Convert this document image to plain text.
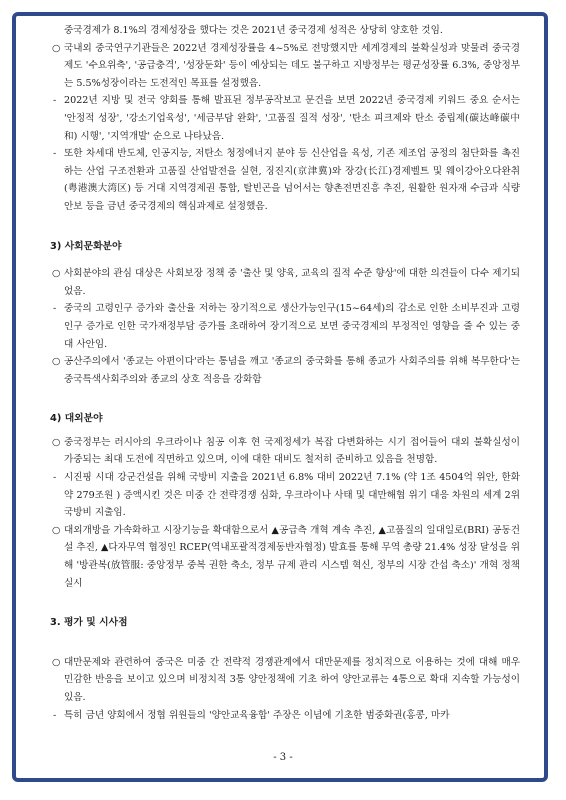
중국경제가 8.1%의 경제성장을 했다는 것은 2021년 중국경제 성적은 상당히 양호한 것임.

○ 국내외 중국연구기관들은 2022년 경제성장률을 4~5%로 전망했지만 세계경제의 불확실성과 맞물려 중국경제도 '수요위축', '공급충격', '성장둔화' 등이 예상되는 데도 불구하고 지방정부는 평균성장률 6.3%, 중앙정부는 5.5%성장이라는 도전적인 목표를 설정했음.
- 2022년 지방 및 전국 양회를 통해 발표된 정부공작보고 문건을 보면 2022년 중국경제 키워드 중요 순서는 '안정적 성장', '강소기업육성', '세금부담 완화', '고품질 질적 성장', '탄소 피크제와 탄소 중립제(碳达峰碳中和) 시행', '지역개발' 순으로 나타났음.
- 또한 차세대 반도체, 인공지능, 저탄소 청정에너지 분야 등 신산업을 육성, 기존 제조업 공정의 첨단화를 촉진하는 산업 구조전환과 고품질 산업발전을 실현, 징진지(京津冀)와 장강(长江)경제벨트 및 웨이강아오다완취(粤港澳大湾区) 등 거대 지역경제권 통합, 탈빈곤을 넘어서는 향촌전면진흥 추진, 원활한 원자재 수급과 식량안보 등을 금년 중국경제의 핵심과제로 설정했음.

3) 사회문화분야

○ 사회분야의 관심 대상은 사회보장 정책 중 '출산 및 양육, 교육의 질적 수준 향상'에 대한 의견들이 다수 제기되었음.
- 중국의 고령인구 증가와 출산율 저하는 장기적으로 생산가능인구(15~64세)의 감소로 인한 소비부진과 고령인구 증가로 인한 국가재정부담 증가를 초래하여 장기적으로 보면 중국경제의 부정적인 영향을 줄 수 있는 중대 사안임.
○ 공산주의에서 '종교는 아편이다'라는 통념을 깨고 '종교의 중국화를 통해 종교가 사회주의를 위해 복무한다'는 중국특색사회주의와 종교의 상호 적응을 강화함

4) 대외분야

○ 중국정부는 러시아의 우크라이나 침공 이후 현 국제정세가 복잡 다변화하는 시기 접어들어 대외 불확실성이 가중되는 최대 도전에 직면하고 있으며, 이에 대한 대비도 철저히 준비하고 있음을 천명함.
- 시진핑 시대 강군건설을 위해 국방비 지출을 2021년 6.8% 대비 2022년 7.1% (약 1조 4504억 위안, 한화 약 279조원 ) 증액시킨 것은 미중 간 전략경쟁 심화, 우크라이나 사태 및 대만해협 위기 대응 차원의 세계 2위 국방비 지출임.
○ 대외개방을 가속화하고 시장기능을 확대함으로서 ▲공급측 개혁 계속 추진, ▲고품질의 일대일로(BRI) 공동건설 추진, ▲다자무역 협정인 RCEP(역내포괄적경제동반자협정) 발효를 통해 무역 총량 21.4% 성장 달성을 위해 '방관복(放管服: 중앙정부 중복 권한 축소, 정부 규제 관리 시스템 혁신, 정부의 시장 간섭 축소)' 개혁 정책 실시

3. 평가 및 시사점

○ 대만문제와 관련하여 중국은 미중 간 전략적 경쟁관계에서 대만문제를 정치적으로 이용하는 것에 대해 매우 민감한 반응을 보이고 있으며 비정치적 3통 양안정책에 기초 하여 양안교류는 4통으로 확대 지속할 가능성이 있음.
- 특히 금년 양회에서 정협 위원들의 '양안교육융합' 주장은 이념에 기초한 범중화권(홍콩, 마카
- 3 -
